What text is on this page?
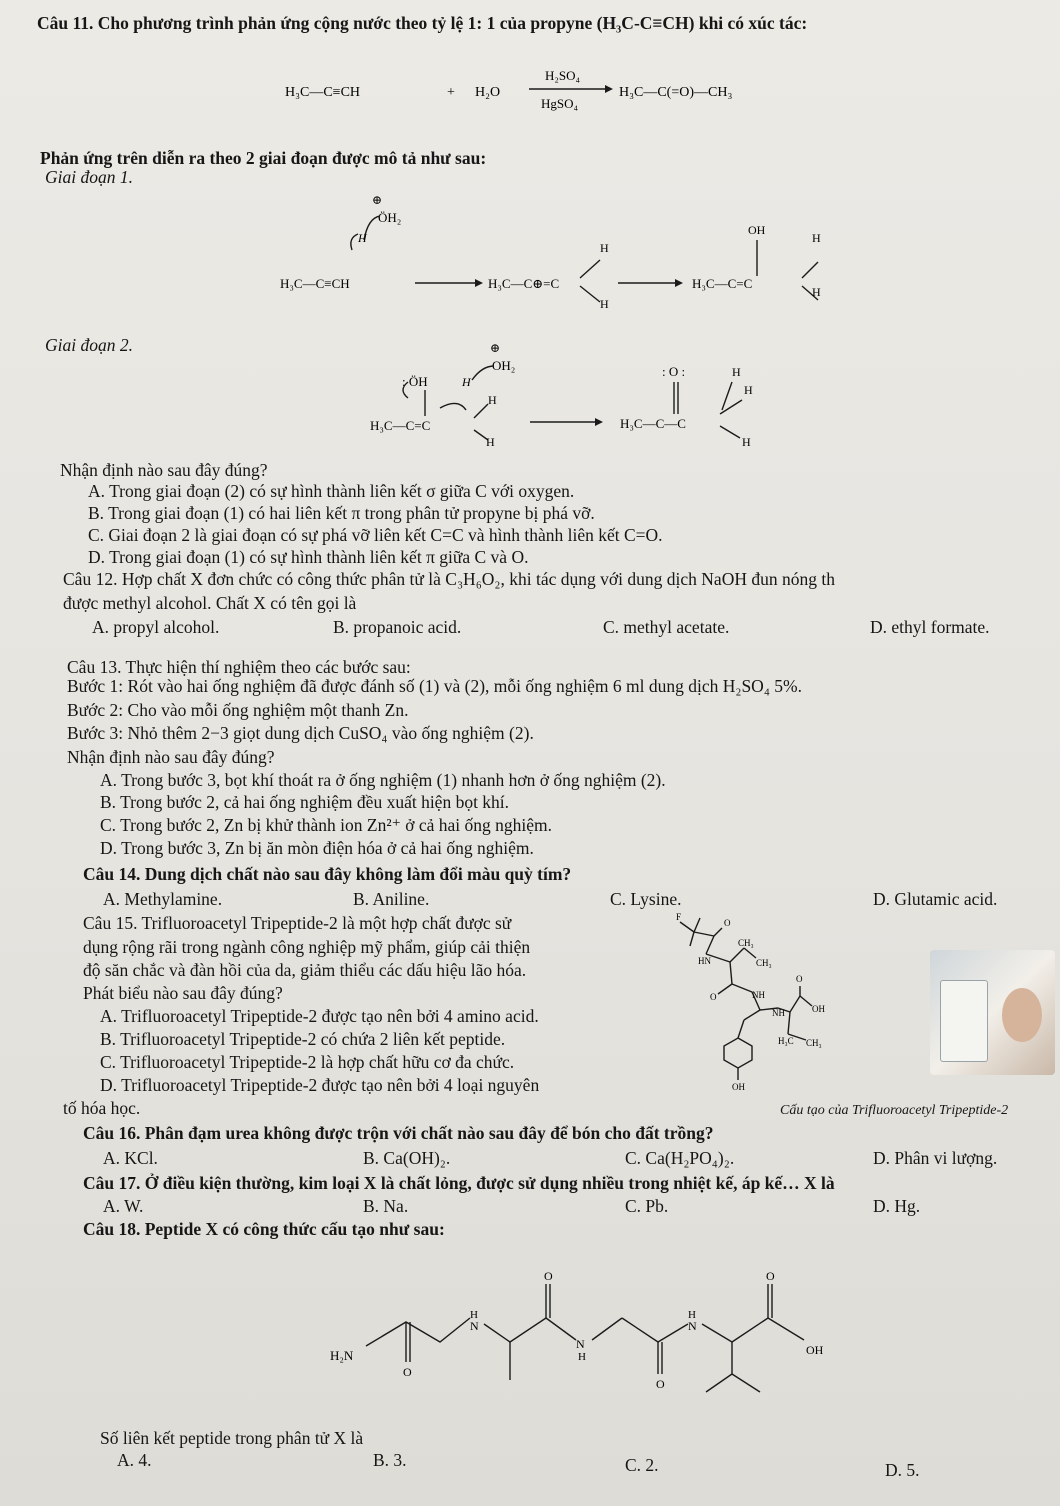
Câu 11. Cho phương trình phản ứng cộng nước theo tỷ lệ 1: 1 của propyne (H₃C-C≡CH) khi có xúc tác:
H₃C—C≡CH	+ H₂O
H₂SO₄
HgSO₄
H₃C—C(=O)—CH₃
Phản ứng trên diễn ra theo 2 giai đoạn được mô tả như sau:
Giai đoạn 1.
⊕
ÖH₂
H
H₃C—C≡CH	H₃C—C⊕=C
H
H
OH
H₃C—C=C
H
H
Giai đoạn 2.	⊕
OH₂
: ÖH	H
H₃C—C=C
H
H
: O :
H₃C—C—C
H
H
H
Nhận định nào sau đây đúng?
A. Trong giai đoạn (2) có sự hình thành liên kết σ giữa C với oxygen.
B. Trong giai đoạn (1) có hai liên kết π trong phân tử propyne bị phá vỡ.
C. Giai đoạn 2 là giai đoạn có sự phá vỡ liên kết C=C và hình thành liên kết C=O.
D. Trong giai đoạn (1) có sự hình thành liên kết π giữa C và O.
Câu 12. Hợp chất X đơn chức có công thức phân tử là C₃H₆O₂, khi tác dụng với dung dịch NaOH đun nóng th
được methyl alcohol. Chất X có tên gọi là
A. propyl alcohol.	B. propanoic acid.	C. methyl acetate.	D. ethyl formate.
Câu 13. Thực hiện thí nghiệm theo các bước sau:
Bước 1: Rót vào hai ống nghiệm đã được đánh số (1) và (2), mỗi ống nghiệm 6 ml dung dịch H₂SO₄ 5%.
Bước 2: Cho vào mỗi ống nghiệm một thanh Zn.
Bước 3: Nhỏ thêm 2−3 giọt dung dịch CuSO₄ vào ống nghiệm (2).
Nhận định nào sau đây đúng?
A. Trong bước 3, bọt khí thoát ra ở ống nghiệm (1) nhanh hơn ở ống nghiệm (2).
B. Trong bước 2, cả hai ống nghiệm đều xuất hiện bọt khí.
C. Trong bước 2, Zn bị khử thành ion Zn²⁺ ở cả hai ống nghiệm.
D. Trong bước 3, Zn bị ăn mòn điện hóa ở cả hai ống nghiệm.
Câu 14. Dung dịch chất nào sau đây không làm đổi màu quỳ tím?
A. Methylamine.	B. Aniline.	C. Lysine.	D. Glutamic acid.
Câu 15. Trifluoroacetyl Tripeptide-2 là một hợp chất được sử
dụng rộng rãi trong ngành công nghiệp mỹ phẩm, giúp cải thiện
độ săn chắc và đàn hồi của da, giảm thiểu các dấu hiệu lão hóa.
Phát biểu nào sau đây đúng?
A. Trifluoroacetyl Tripeptide-2 được tạo nên bởi 4 amino acid.
B. Trifluoroacetyl Tripeptide-2 có chứa 2 liên kết peptide.
C. Trifluoroacetyl Tripeptide-2 là hợp chất hữu cơ đa chức.
D. Trifluoroacetyl Tripeptide-2 được tạo nên bởi 4 loại nguyên
tố hóa học.
F
O
CH₃
HN	CH₃
O	NH
NH
O
OH
H₃C CH₃
OH
Cấu tạo của Trifluoroacetyl Tripeptide-2
Câu 16. Phân đạm urea không được trộn với chất nào sau đây để bón cho đất trồng?
A. KCl.	B. Ca(OH)₂.	C. Ca(H₂PO₄)₂.	D. Phân vi lượng.
Câu 17. Ở điều kiện thường, kim loại X là chất lỏng, được sử dụng nhiều trong nhiệt kế, áp kế… X là
A. W.	B. Na.	C. Pb.	D. Hg.
Câu 18. Peptide X có công thức cấu tạo như sau:
H₂N
O
H
N
O
N
H
O
H
N
O
OH
Số liên kết peptide trong phân tử X là
A. 4.	B. 3.	C. 2.	D. 5.
